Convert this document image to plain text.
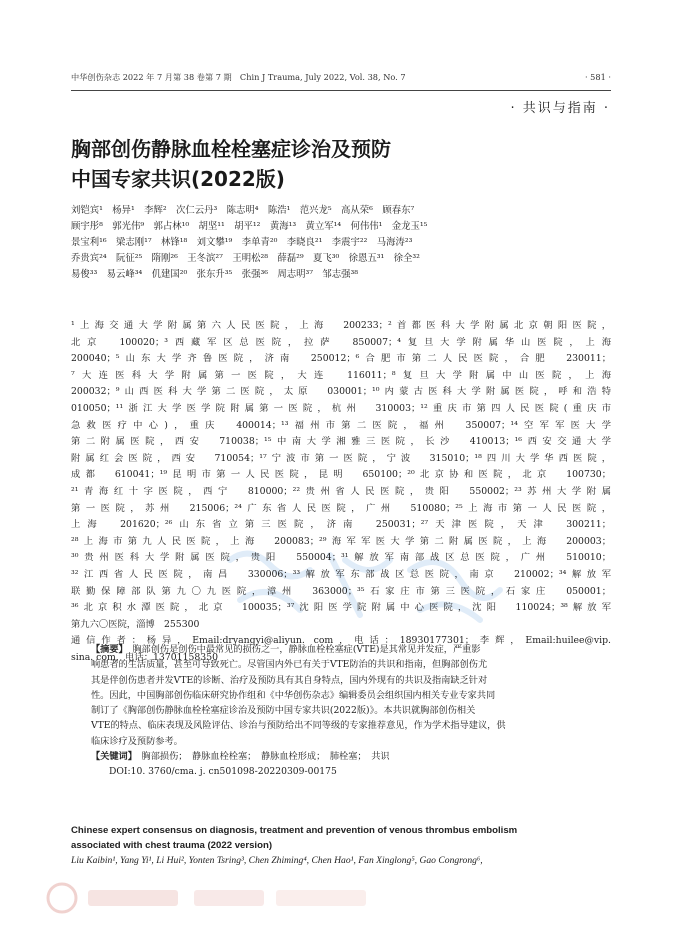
中华创伤杂志 2022 年 7 月第 38 卷第 7 期　Chin J Trauma, July 2022, Vol. 38, No. 7	· 581 ·
· 共识与指南 ·
胸部创伤静脉血栓栓塞症诊治及预防
中国专家共识(2022版)
刘铠宾¹　杨异¹　李辉²　次仁云丹³　陈志明⁴　陈浩¹　范兴龙⁵　高从荣⁶　顾春东⁷
顾宇彤⁸　郭光伟⁹　郭占林¹⁰　胡坚¹¹　胡平¹²　黄海¹³　黄立军¹⁴　何伟伟¹　金龙玉¹⁵
景宝利¹⁶　梁志刚¹⁷　林锋¹⁸　刘文攀¹⁹　李单青²⁰　李晓良²¹　李震宇²²　马海涛²³
乔贵宾²⁴　阮征²⁵　隋刚²⁶　王冬滨²⁷　王明松²⁸　薛磊²⁹　夏飞³⁰　徐恩五³¹　徐全³²
易俊³³　易云峰³⁴　仉建国²⁰　张东升³⁵　张强³⁶　周志明³⁷　邹志强³⁸
¹上海交通大学附属第六人民医院，上海　200233；²首都医科大学附属北京朝阳医院，
北京　100020；³西藏军区总医院，拉萨　850007；⁴复旦大学附属华山医院，上海
200040；⁵山东大学齐鲁医院，济南　250012；⁶合肥市第二人民医院，合肥　230011；
⁷大连医科大学附属第一医院，大连　116011；⁸复旦大学附属中山医院，上海
200032；⁹山西医科大学第二医院，太原　030001；¹⁰内蒙古医科大学附属医院，呼和浩特
010050；¹¹浙江大学医学院附属第一医院，杭州　310003；¹²重庆市第四人民医院(重庆市
急救医疗中心)，重庆　400014；¹³福州市第二医院，福州　350007；¹⁴空军军医大学
第二附属医院，西安　710038；¹⁵中南大学湘雅三医院，长沙　410013；¹⁶西安交通大学
附属红会医院，西安　710054；¹⁷宁波市第一医院，宁波　315010；¹⁸四川大学华西医院，
成都　610041；¹⁹昆明市第一人民医院，昆明　650100；²⁰北京协和医院，北京　100730；
²¹青海红十字医院，西宁　810000；²²贵州省人民医院，贵阳　550002；²³苏州大学附属
第一医院，苏州　215006；²⁴广东省人民医院，广州　510080；²⁵上海市第一人民医院，
上海　201620；²⁶山东省立第三医院，济南　250031；²⁷天津医院，天津　300211；
²⁸上海市第九人民医院，上海　200083；²⁹海军军医大学第二附属医院，上海　200003；
³⁰贵州医科大学附属医院，贵阳　550004；³¹解放军南部战区总医院，广州　510010；
³²江西省人民医院，南昌　330006；³³解放军东部战区总医院，南京　210002；³⁴解放军
联勤保障部队第九〇九医院，漳州　363000；³⁵石家庄市第三医院，石家庄　050001；
³⁶北京积水潭医院，北京　100035；³⁷沈阳医学院附属中心医院，沈阳　110024；³⁸解放军
第九六〇医院，淄博　255300
通信作者：杨异，Email:dryangyi@aliyun. com，电话：18930177301；李辉，Email:huilee@vip.
sina. com，电话：13701158350
【摘要】　 胸部创伤是创伤中最常见的损伤之一，静脉血栓栓塞症(VTE)是其常见并发症，严重影
响患者的生活质量，甚至可导致死亡。尽管国内外已有关于VTE防治的共识和指南，但胸部创伤尤
其是伴创伤患者并发VTE的诊断、治疗及预防具有其自身特点，国内外现有的共识及指南缺乏针对
性。因此，中国胸部创伤临床研究协作组和《中华创伤杂志》编辑委员会组织国内相关专业专家共同
制订了《胸部创伤静脉血栓栓塞症诊治及预防中国专家共识(2022版)》。本共识就胸部创伤相关
VTE的特点、临床表现及风险评估、诊治与预防给出不同等级的专家推荐意见，作为学术指导建议，供
临床诊疗及预防参考。
【关键词】　 胸部损伤；　静脉血栓栓塞；　静脉血栓形成；　肺栓塞；　共识
DOI:10. 3760/cma. j. cn501098-20220309-00175
Chinese expert consensus on diagnosis, treatment and prevention of venous thrombus embolism
associated with chest trauma (2022 version)
Liu Kaibin¹, Yang Yi¹, Li Hui², Yonten Tsring³, Chen Zhiming⁴, Chen Hao¹, Fan Xinglong⁵, Gao Congrong⁶,
